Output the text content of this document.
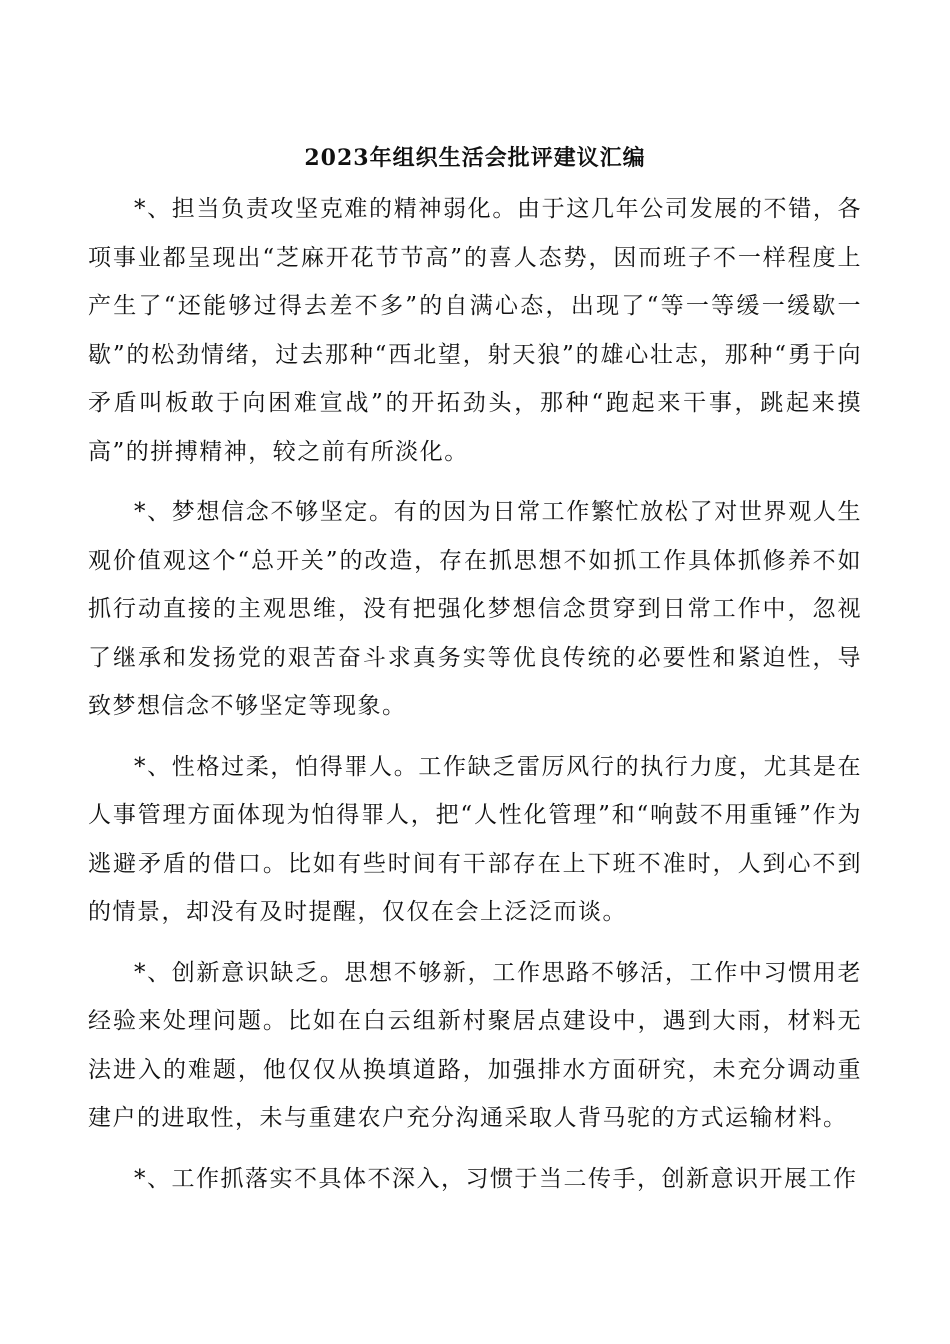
2023年组织生活会批评建议汇编

*、担当负责攻坚克难的精神弱化。由于这几年公司发展的不错，各项事业都呈现出“芝麻开花节节高”的喜人态势，因而班子不一样程度上产生了“还能够过得去差不多”的自满心态，出现了“等一等缓一缓歇一歇”的松劲情绪，过去那种“西北望，射天狼”的雄心壮志，那种“勇于向矛盾叫板敢于向困难宣战”的开拓劲头，那种“跑起来干事，跳起来摸高”的拼搏精神，较之前有所淡化。

*、梦想信念不够坚定。有的因为日常工作繁忙放松了对世界观人生观价值观这个“总开关”的改造，存在抓思想不如抓工作具体抓修养不如抓行动直接的主观思维，没有把强化梦想信念贯穿到日常工作中，忽视了继承和发扬党的艰苦奋斗求真务实等优良传统的必要性和紧迫性，导致梦想信念不够坚定等现象。

*、性格过柔，怕得罪人。工作缺乏雷厉风行的执行力度，尤其是在人事管理方面体现为怕得罪人，把“人性化管理”和“响鼓不用重锤”作为逃避矛盾的借口。比如有些时间有干部存在上下班不准时，人到心不到的情景，却没有及时提醒，仅仅在会上泛泛而谈。

*、创新意识缺乏。思想不够新，工作思路不够活，工作中习惯用老经验来处理问题。比如在白云组新村聚居点建设中，遇到大雨，材料无法进入的难题，他仅仅从换填道路，加强排水方面研究，未充分调动重建户的进取性，未与重建农户充分沟通采取人背马驼的方式运输材料。

*、工作抓落实不具体不深入，习惯于当二传手，创新意识开展工作
